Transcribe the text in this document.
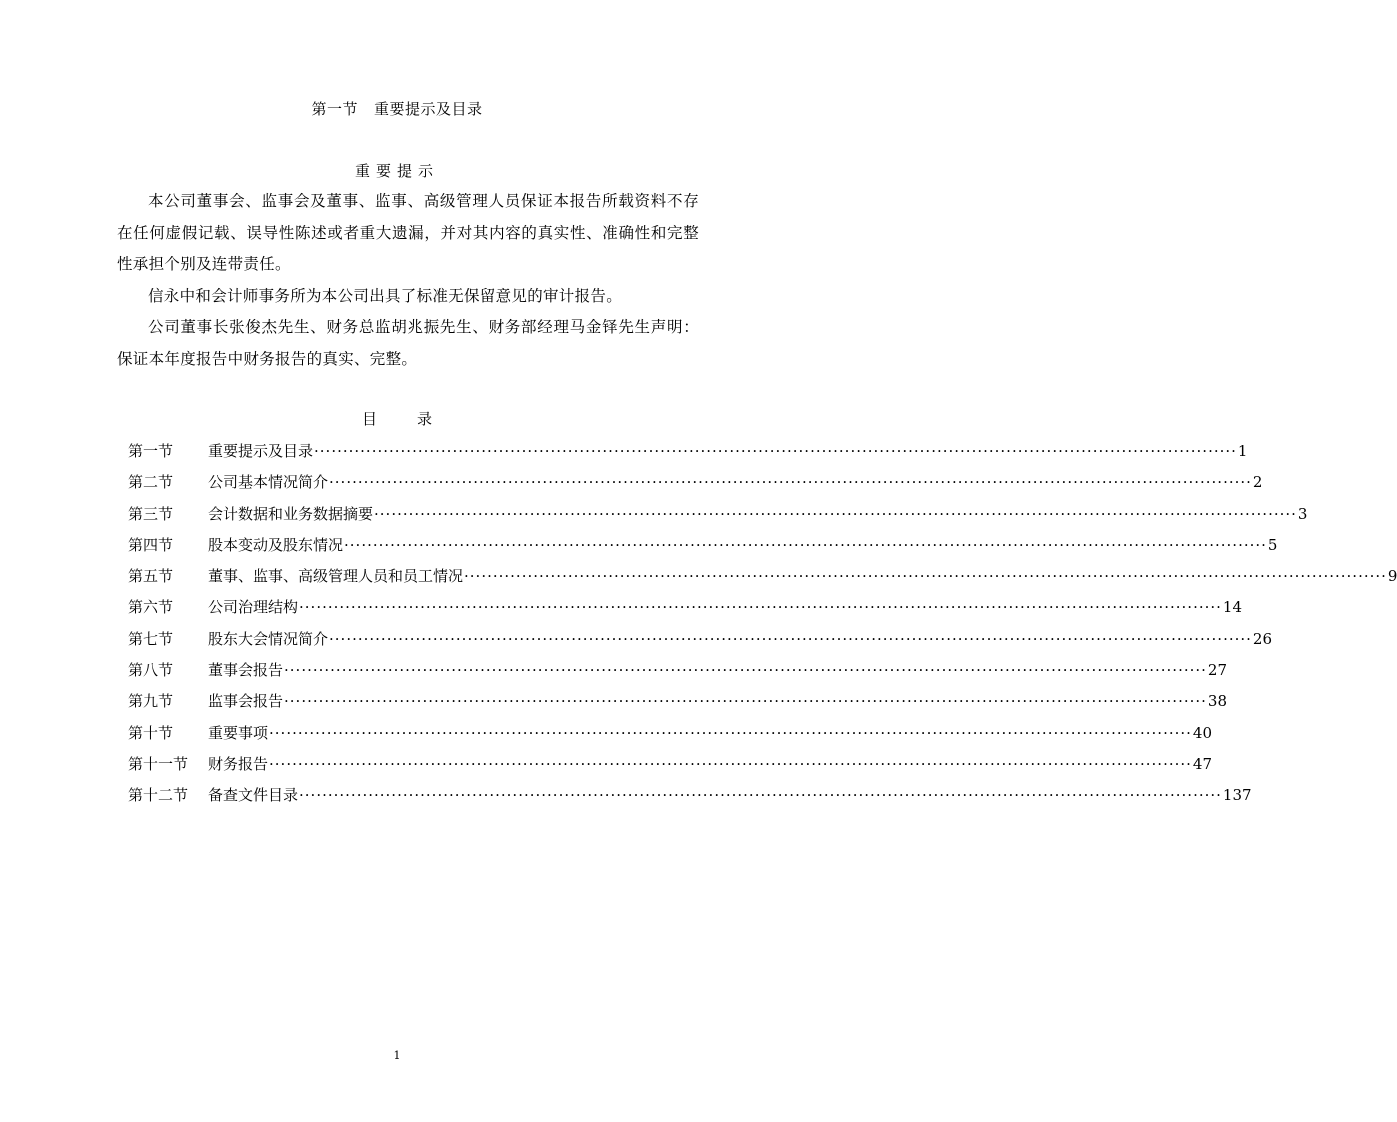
第一节 重要提示及目录
重要提示
本公司董事会、监事会及董事、监事、高级管理人员保证本报告所载资料不存在任何虚假记载、误导性陈述或者重大遗漏，并对其内容的真实性、准确性和完整性承担个别及连带责任。
信永中和会计师事务所为本公司出具了标准无保留意见的审计报告。
公司董事长张俊杰先生、财务总监胡兆振先生、财务部经理马金铎先生声明：保证本年度报告中财务报告的真实、完整。
目	录
第一节	重要提示及目录 ································································································································································ 1
第二节	公司基本情况简介 ································································································································································ 2
第三节	会计数据和业务数据摘要 ································································································································································ 3
第四节	股本变动及股东情况 ································································································································································ 5
第五节	董事、监事、高级管理人员和员工情况 ································································································································································ 9
第六节	公司治理结构 ································································································································································ 14
第七节	股东大会情况简介 ································································································································································ 26
第八节	董事会报告 ································································································································································ 27
第九节	监事会报告 ································································································································································ 38
第十节	重要事项 ································································································································································ 40
第十一节	财务报告 ································································································································································ 47
第十二节	备查文件目录 ································································································································································ 137
1
